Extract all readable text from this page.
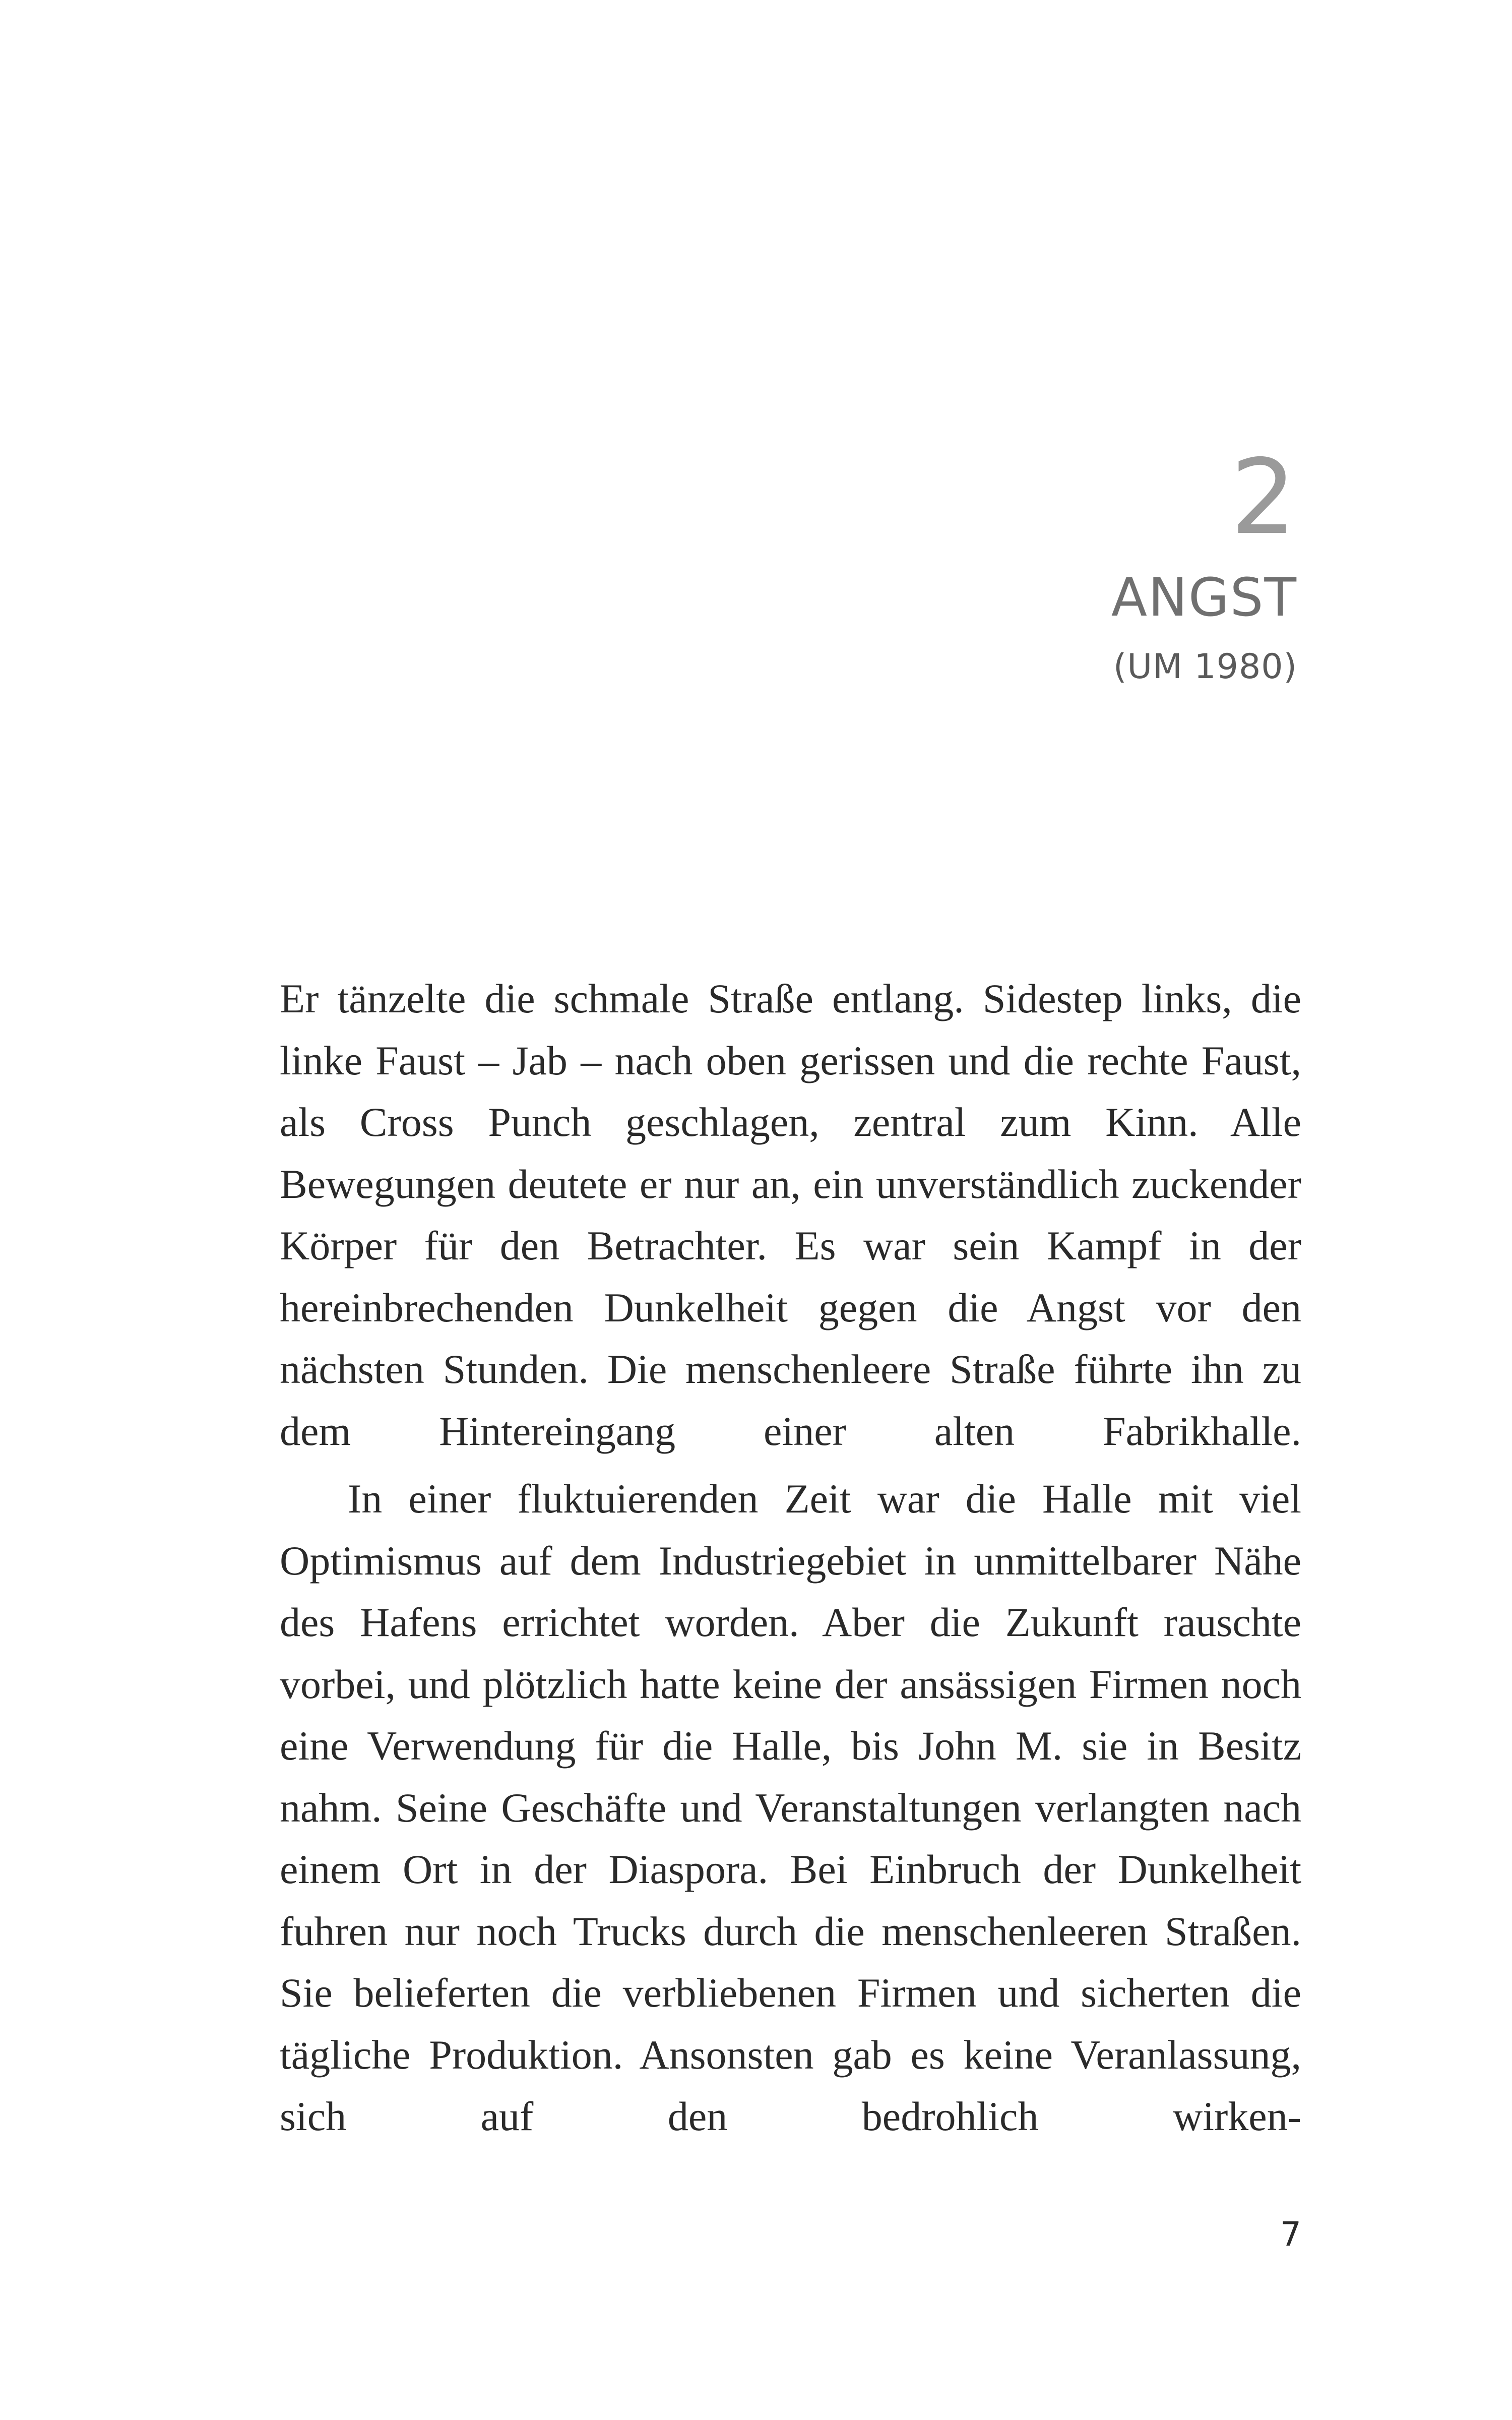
2
ANGST
(UM 1980)

Er tänzelte die schmale Straße entlang. Sidestep links, die linke Faust – Jab – nach oben gerissen und die rechte Faust, als Cross Punch geschlagen, zentral zum Kinn. Alle Bewegungen deutete er nur an, ein unverständlich zuckender Körper für den Betrachter. Es war sein Kampf in der hereinbrechenden Dunkelheit gegen die Angst vor den nächsten Stunden. Die menschenleere Straße führte ihn zu dem Hintereingang einer alten Fabrikhalle.

In einer fluktuierenden Zeit war die Halle mit viel Optimismus auf dem Industriegebiet in unmittelbarer Nähe des Hafens errichtet worden. Aber die Zukunft rauschte vorbei, und plötzlich hatte keine der ansässigen Firmen noch eine Verwendung für die Halle, bis John M. sie in Besitz nahm. Seine Geschäfte und Veranstaltungen verlangten nach einem Ort in der Diaspora. Bei Einbruch der Dunkelheit fuhren nur noch Trucks durch die menschenleeren Straßen. Sie belieferten die verbliebenen Firmen und sicherten die tägliche Produktion. Ansonsten gab es keine Veranlassung, sich auf den bedrohlich wirken-

7
